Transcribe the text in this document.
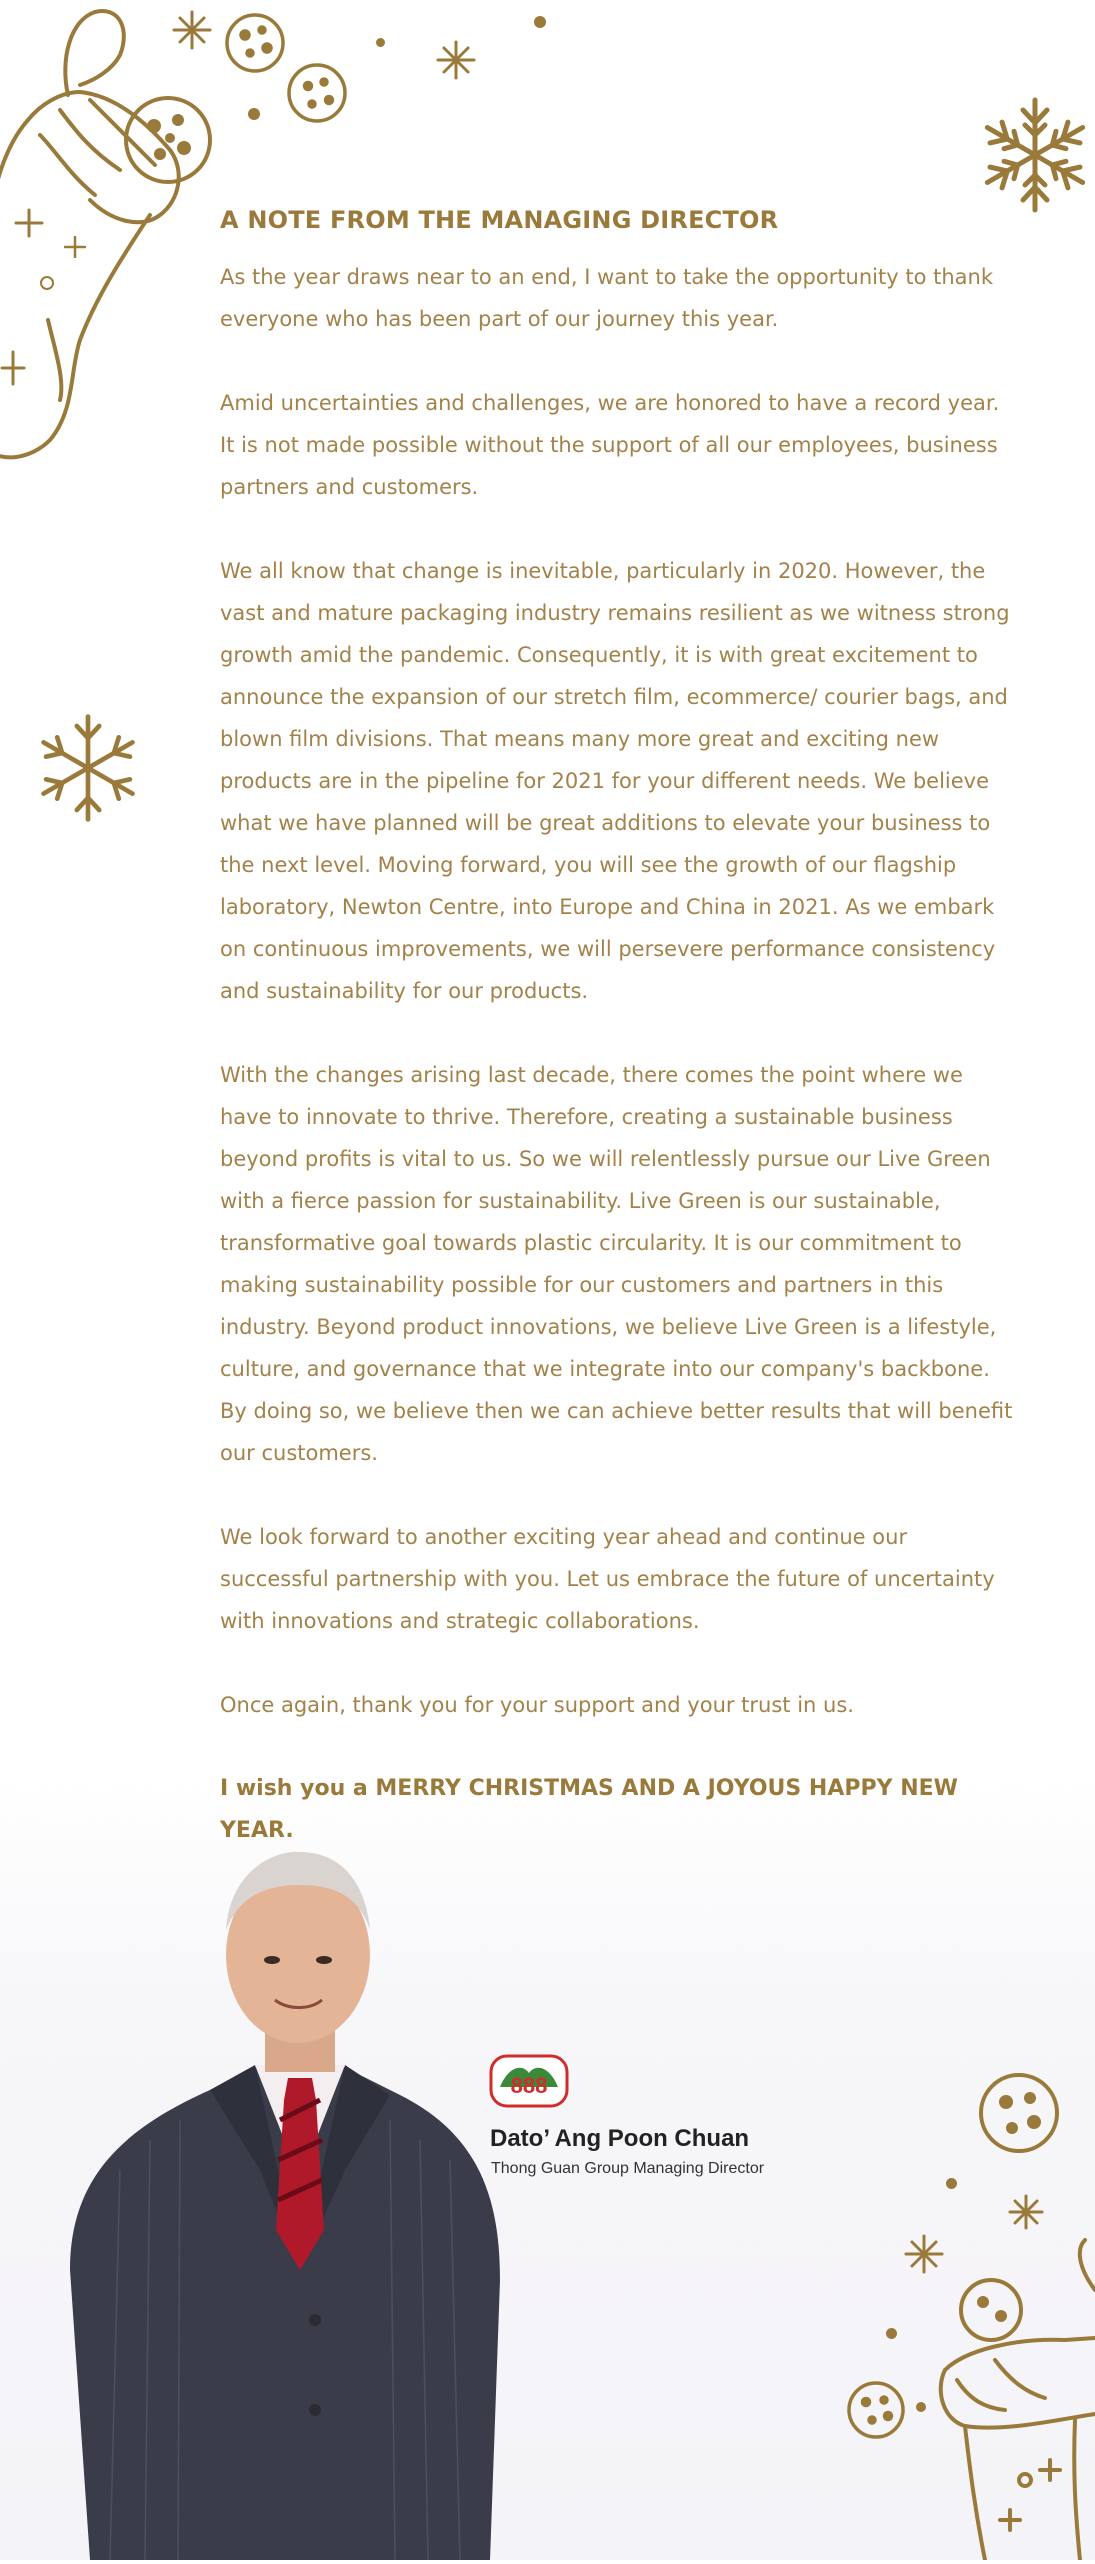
A NOTE FROM THE MANAGING DIRECTOR

As the year draws near to an end, I want to take the opportunity to thank everyone who has been part of our journey this year.

Amid uncertainties and challenges, we are honored to have a record year. It is not made possible without the support of all our employees, business partners and customers.

We all know that change is inevitable, particularly in 2020. However, the vast and mature packaging industry remains resilient as we witness strong growth amid the pandemic. Consequently, it is with great excitement to announce the expansion of our stretch film, ecommerce/ courier bags, and blown film divisions. That means many more great and exciting new products are in the pipeline for 2021 for your different needs. We believe what we have planned will be great additions to elevate your business to the next level. Moving forward, you will see the growth of our flagship laboratory, Newton Centre, into Europe and China in 2021. As we embark on continuous improvements, we will persevere performance consistency and sustainability for our products.

With the changes arising last decade, there comes the point where we have to innovate to thrive. Therefore, creating a sustainable business beyond profits is vital to us. So we will relentlessly pursue our Live Green with a fierce passion for sustainability. Live Green is our sustainable, transformative goal towards plastic circularity. It is our commitment to making sustainability possible for our customers and partners in this industry. Beyond product innovations, we believe Live Green is a lifestyle, culture, and governance that we integrate into our company's backbone. By doing so, we believe then we can achieve better results that will benefit our customers.

We look forward to another exciting year ahead and continue our successful partnership with you. Let us embrace the future of uncertainty with innovations and strategic collaborations.

Once again, thank you for your support and your trust in us.

I wish you a MERRY CHRISTMAS AND A JOYOUS HAPPY NEW YEAR.

888
Dato’ Ang Poon Chuan
Thong Guan Group Managing Director
